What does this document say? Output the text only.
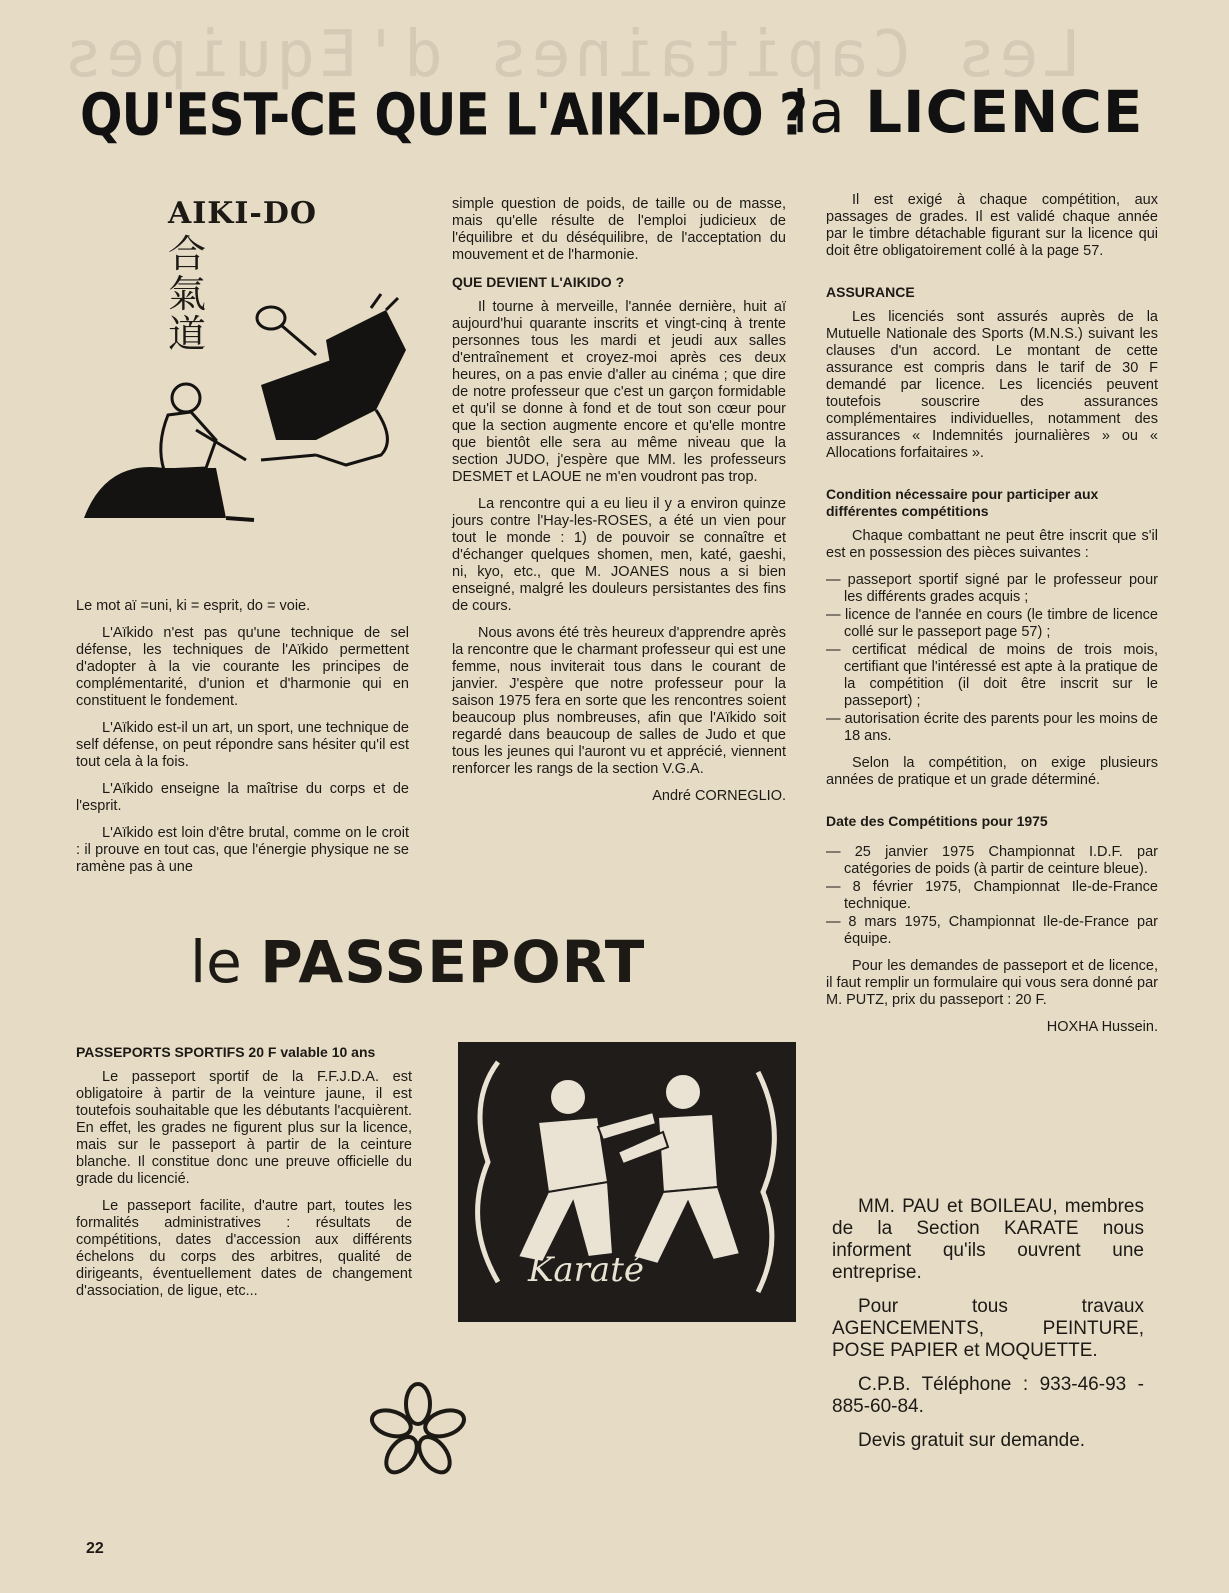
Les Capitaines d'Equipes
QU'EST-CE QUE L'AIKI-DO ?
la LICENCE
AIKI-DO
合
氣
道

Le mot aï =uni, ki = esprit, do = voie.

L'Aïkido n'est pas qu'une technique de sel défense, les techniques de l'Aïkido permettent d'adopter à la vie courante les principes de complémentarité, d'union et d'harmonie qui en constituent le fondement.

L'Aïkido est-il un art, un sport, une technique de self défense, on peut répondre sans hésiter qu'il est tout cela à la fois.

L'Aïkido enseigne la maîtrise du corps et de l'esprit.

L'Aïkido est loin d'être brutal, comme on le croit : il prouve en tout cas, que l'énergie physique ne se ramène pas à une

simple question de poids, de taille ou de masse, mais qu'elle résulte de l'emploi judicieux de l'équilibre et du déséquilibre, de l'acceptation du mouvement et de l'harmonie.

QUE DEVIENT L'AIKIDO ?

Il tourne à merveille, l'année dernière, huit aï aujourd'hui quarante inscrits et vingt-cinq à trente personnes tous les mardi et jeudi aux salles d'entraînement et croyez-moi après ces deux heures, on a pas envie d'aller au cinéma ; que dire de notre professeur que c'est un garçon formidable et qu'il se donne à fond et de tout son cœur pour que la section augmente encore et qu'elle montre que bientôt elle sera au même niveau que la section JUDO, j'espère que MM. les professeurs DESMET et LAOUE ne m'en voudront pas trop.

La rencontre qui a eu lieu il y a environ quinze jours contre l'Hay-les-ROSES, a été un vien pour tout le monde : 1) de pouvoir se connaître et d'échanger quelques shomen, men, katé, gaeshi, ni, kyo, etc., que M. JOANES nous a si bien enseigné, malgré les douleurs persistantes des fins de cours.

Nous avons été très heureux d'apprendre après la rencontre que le charmant professeur qui est une femme, nous inviterait tous dans le courant de janvier. J'espère que notre professeur pour la saison 1975 fera en sorte que les rencontres soient beaucoup plus nombreuses, afin que l'Aïkido soit regardé dans beaucoup de salles de Judo et que tous les jeunes qui l'auront vu et apprécié, viennent renforcer les rangs de la section V.G.A.

André CORNEGLIO.

Il est exigé à chaque compétition, aux passages de grades. Il est validé chaque année par le timbre détachable figurant sur la licence qui doit être obligatoirement collé à la page 57.

ASSURANCE

Les licenciés sont assurés auprès de la Mutuelle Nationale des Sports (M.N.S.) suivant les clauses d'un accord. Le montant de cette assurance est compris dans le tarif de 30 F demandé par licence. Les licenciés peuvent toutefois souscrire des assurances complémentaires individuelles, notamment des assurances « Indemnités journalières » ou « Allocations forfaitaires ».

Condition nécessaire pour participer aux différentes compétitions

Chaque combattant ne peut être inscrit que s'il est en possession des pièces suivantes :

— passeport sportif signé par le professeur pour les différents grades acquis ;
— licence de l'année en cours (le timbre de licence collé sur le passeport page 57) ;
— certificat médical de moins de trois mois, certifiant que l'intéressé est apte à la pratique de la compétition (il doit être inscrit sur le passeport) ;
— autorisation écrite des parents pour les moins de 18 ans.

Selon la compétition, on exige plusieurs années de pratique et un grade déterminé.

Date des Compétitions pour 1975
— 25 janvier 1975 Championnat I.D.F. par catégories de poids (à partir de ceinture bleue).
— 8 février 1975, Championnat Ile-de-France technique.
— 8 mars 1975, Championnat Ile-de-France par équipe.

Pour les demandes de passeport et de licence, il faut remplir un formulaire qui vous sera donné par M. PUTZ, prix du passeport : 20 F.

HOXHA Hussein.
le PASSEPORT
PASSEPORTS SPORTIFS 20 F valable 10 ans

Le passeport sportif de la F.F.J.D.A. est obligatoire à partir de la veinture jaune, il est toutefois souhaitable que les débutants l'acquièrent. En effet, les grades ne figurent plus sur la licence, mais sur le passeport à partir de la ceinture blanche. Il constitue donc une preuve officielle du grade du licencié.

Le passeport facilite, d'autre part, toutes les formalités administratives : résultats de compétitions, dates d'accession aux différents échelons du corps des arbitres, qualité de dirigeants, éventuellement dates de changement d'association, de ligue, etc...

Karaté

MM. PAU et BOILEAU, membres de la Section KARATE nous informent qu'ils ouvrent une entreprise.

Pour tous travaux AGENCEMENTS, PEINTURE, POSE PAPIER et MOQUETTE.

C.P.B. Téléphone : 933-46-93 - 885-60-84.

Devis gratuit sur demande.

22
